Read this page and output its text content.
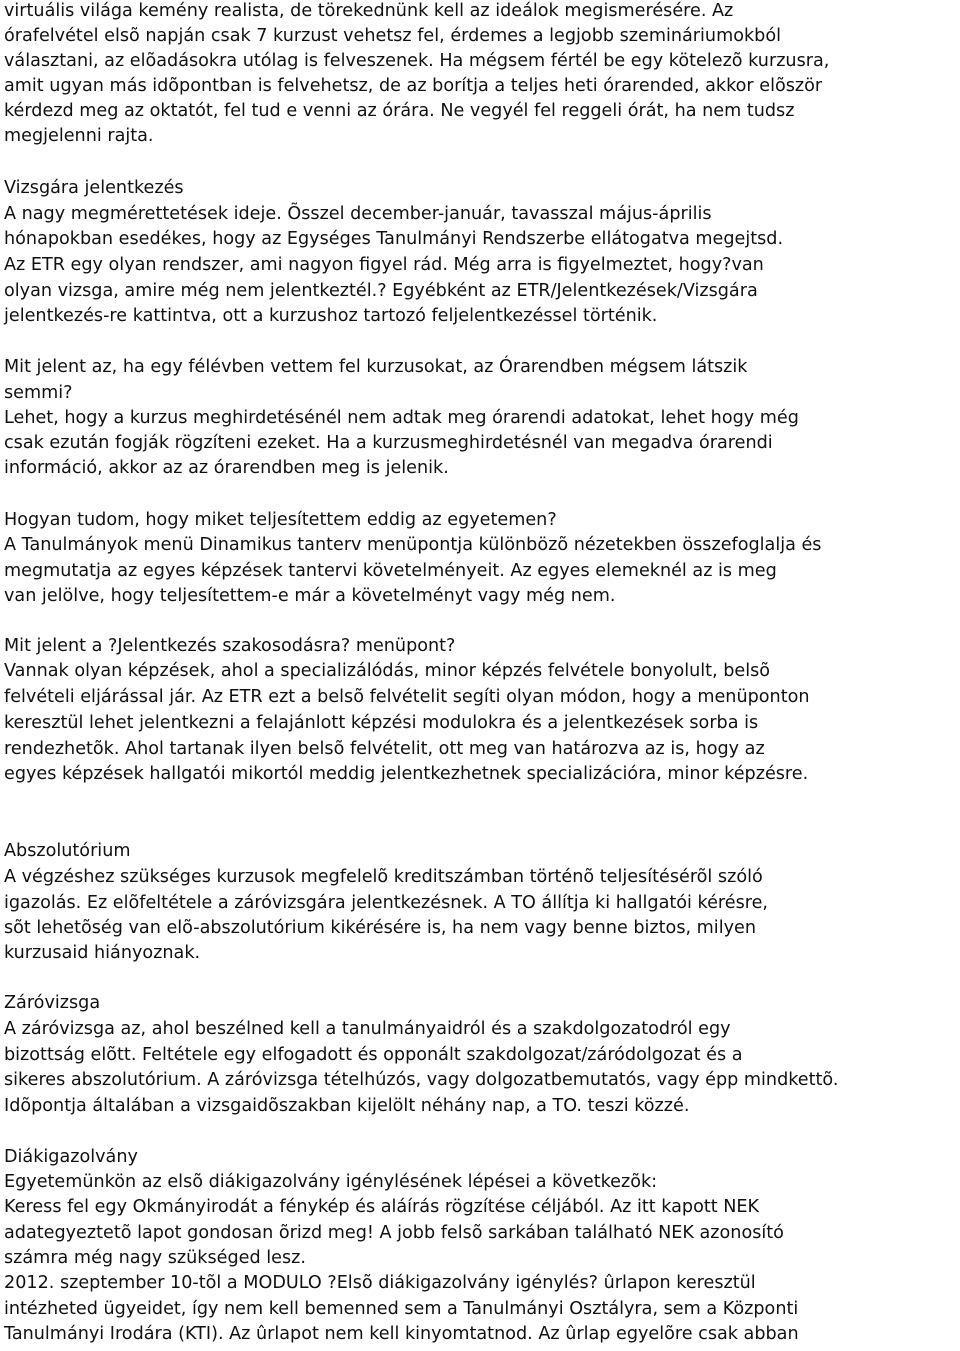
virtuális világa kemény realista, de törekednünk kell az ideálok megismerésére. Az
órafelvétel elsõ napján csak 7 kurzust vehetsz fel, érdemes a legjobb szemináriumokból
választani, az elõadásokra utólag is felveszenek. Ha mégsem fértél be egy kötelezõ kurzusra,
amit ugyan más idõpontban is felvehetsz, de az borítja a teljes heti órarended, akkor elõször
kérdezd meg az oktatót, fel tud e venni az órára. Ne vegyél fel reggeli órát, ha nem tudsz
megjelenni rajta.
Vizsgára jelentkezés
A nagy megmérettetések ideje. Õsszel december-január, tavasszal május-április
hónapokban esedékes, hogy az Egységes Tanulmányi Rendszerbe ellátogatva megejtsd.
Az ETR egy olyan rendszer, ami nagyon figyel rád. Még arra is figyelmeztet, hogy?van
olyan vizsga, amire még nem jelentkeztél.? Egyébként az ETR/Jelentkezések/Vizsgára
jelentkezés-re kattintva, ott a kurzushoz tartozó feljelentkezéssel történik.
Mit jelent az, ha egy félévben vettem fel kurzusokat, az Órarendben mégsem látszik
semmi?
Lehet, hogy a kurzus meghirdetésénél nem adtak meg órarendi adatokat, lehet hogy még
csak ezután fogják rögzíteni ezeket. Ha a kurzusmeghirdetésnél van megadva órarendi
információ, akkor az az órarendben meg is jelenik.
Hogyan tudom, hogy miket teljesítettem eddig az egyetemen?
A Tanulmányok menü Dinamikus tanterv menüpontja különbözõ nézetekben összefoglalja és
megmutatja az egyes képzések tantervi követelményeit. Az egyes elemeknél az is meg
van jelölve, hogy teljesítettem-e már a követelményt vagy még nem.
Mit jelent a ?Jelentkezés szakosodásra? menüpont?
Vannak olyan képzések, ahol a specializálódás, minor képzés felvétele bonyolult, belsõ
felvételi eljárással jár. Az ETR ezt a belsõ felvételit segíti olyan módon, hogy a menüponton
keresztül lehet jelentkezni a felajánlott képzési modulokra és a jelentkezések sorba is
rendezhetõk. Ahol tartanak ilyen belsõ felvételit, ott meg van határozva az is, hogy az
egyes képzések hallgatói mikortól meddig jelentkezhetnek specializációra, minor képzésre.
Abszolutórium
A végzéshez szükséges kurzusok megfelelõ kreditszámban történõ teljesítésérõl szóló
igazolás. Ez elõfeltétele a záróvizsgára jelentkezésnek. A TO állítja ki hallgatói kérésre,
sõt lehetõség van elõ-abszolutórium kikérésére is, ha nem vagy benne biztos, milyen
kurzusaid hiányoznak.
Záróvizsga
A záróvizsga az, ahol beszélned kell a tanulmányaidról és a szakdolgozatodról egy
bizottság elõtt. Feltétele egy elfogadott és opponált szakdolgozat/záródolgozat és a
sikeres abszolutórium. A záróvizsga tételhúzós, vagy dolgozatbemutatós, vagy épp mindkettõ.
Idõpontja általában a vizsgaidõszakban kijelölt néhány nap, a TO. teszi közzé.
Diákigazolvány
Egyetemünkön az elsõ diákigazolvány igénylésének lépései a következõk:
Keress fel egy Okmányirodát a fénykép és aláírás rögzítése céljából. Az itt kapott NEK
adategyeztetõ lapot gondosan õrizd meg! A jobb felsõ sarkában található NEK azonosító
számra még nagy szükséged lesz.
2012. szeptember 10-tõl a MODULO ?Elsõ diákigazolvány igénylés? ûrlapon keresztül
intézheted ügyeidet, így nem kell bemenned sem a Tanulmányi Osztályra, sem a Központi
Tanulmányi Irodára (KTI). Az ûrlapot nem kell kinyomtatnod. Az ûrlap egyelõre csak abban
